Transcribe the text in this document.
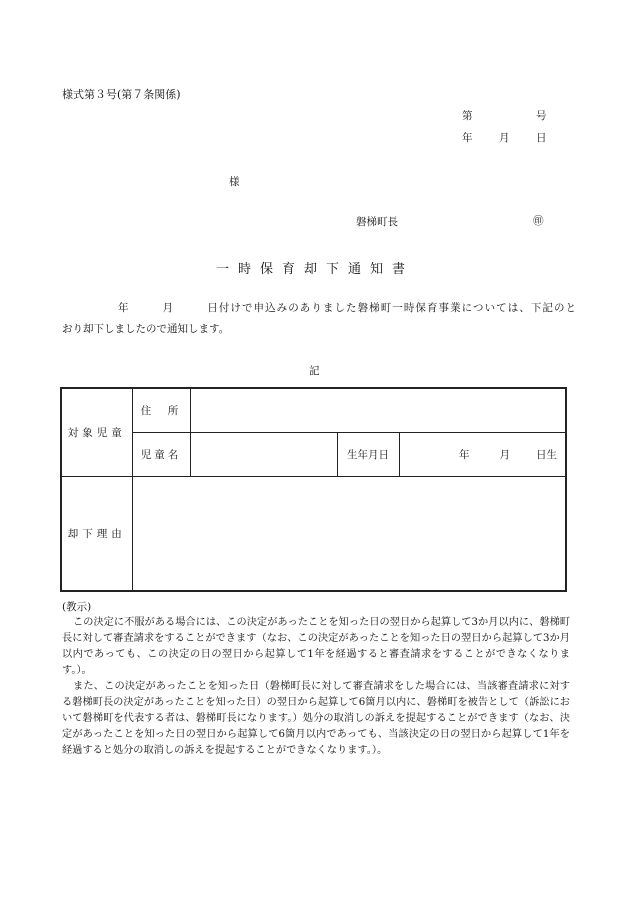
様式第３号(第７条関係)
第	号
年	月	日
様
磐梯町長	㊞
一時保育却下通知書
年	月	日付けで申込みのありました磐梯町一時保育事業については、下記のと
おり却下しましたので通知します。
記
対象児童	住　所			
	児童名		生年月日	年 月 日生
却下理由				
(教示)

この決定に不服がある場合には、この決定があったことを知った日の翌日から起算して3か月以内に、磐梯町長に対して審査請求をすることができます（なお、この決定があったことを知った日の翌日から起算して3か月以内であっても、この決定の日の翌日から起算して1年を経過すると審査請求をすることができなくなります。）。

また、この決定があったことを知った日（磐梯町長に対して審査請求をした場合には、当該審査請求に対する磐梯町長の決定があったことを知った日）の翌日から起算して6箇月以内に、磐梯町を被告として（訴訟において磐梯町を代表する者は、磐梯町長になります。）処分の取消しの訴えを提起することができます（なお、決定があったことを知った日の翌日から起算して6箇月以内であっても、当該決定の日の翌日から起算して1年を経過すると処分の取消しの訴えを提起することができなくなります。）。
